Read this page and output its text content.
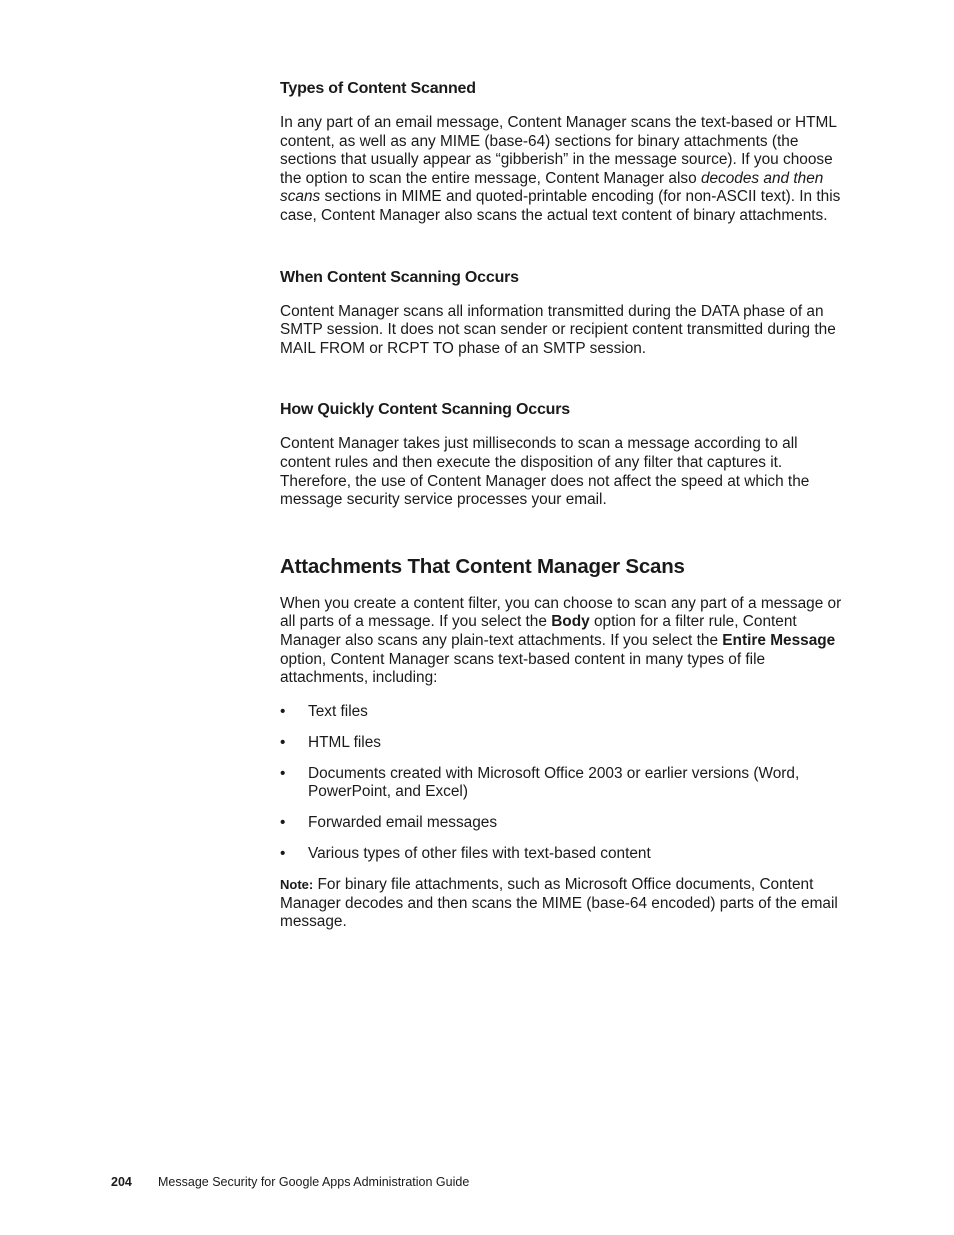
Types of Content Scanned

In any part of an email message, Content Manager scans the text-based or HTML content, as well as any MIME (base-64) sections for binary attachments (the sections that usually appear as “gibberish” in the message source). If you choose the option to scan the entire message, Content Manager also decodes and then scans sections in MIME and quoted-printable encoding (for non-ASCII text). In this case, Content Manager also scans the actual text content of binary attachments.

When Content Scanning Occurs

Content Manager scans all information transmitted during the DATA phase of an SMTP session. It does not scan sender or recipient content transmitted during the MAIL FROM or RCPT TO phase of an SMTP session.

How Quickly Content Scanning Occurs

Content Manager takes just milliseconds to scan a message according to all content rules and then execute the disposition of any filter that captures it. Therefore, the use of Content Manager does not affect the speed at which the message security service processes your email.

Attachments That Content Manager Scans

When you create a content filter, you can choose to scan any part of a message or all parts of a message. If you select the Body option for a filter rule, Content Manager also scans any plain-text attachments. If you select the Entire Message option, Content Manager scans text-based content in many types of file attachments, including:

• Text files
• HTML files
• Documents created with Microsoft Office 2003 or earlier versions (Word, PowerPoint, and Excel)
• Forwarded email messages
• Various types of other files with text-based content

Note: For binary file attachments, such as Microsoft Office documents, Content Manager decodes and then scans the MIME (base-64 encoded) parts of the email message.

204 Message Security for Google Apps Administration Guide
